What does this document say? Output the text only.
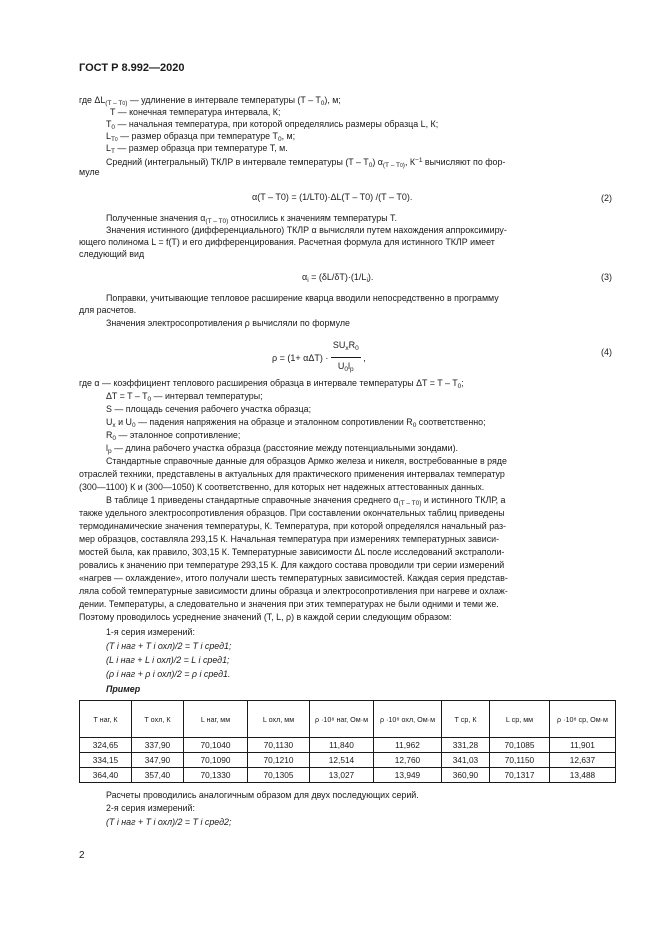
ГОСТ Р 8.992—2020
где $\Delta L_{(T - T0)}$ — удлинение в интервале температуры $(T - T_0)$, м;
T — конечная температура интервала, К;
$T_0$ — начальная температура, при которой определялись размеры образца L, К;
$L_{T0}$ — размер образца при температуре $T_0$, м;
$L_T$ — размер образца при температуре T, м.
Средний (интегральный) ТКЛР в интервале температуры $(T - T_0)$ $\alpha_{(T - T0)}$, $К^{-1}$ вычисляют по фор-
муле
α(T – T0) = (1/LT0)·ΔL(T – T0) /(T – T0).	(2)
Полученные значения $\alpha_{(T - T0)}$ относились к значениям температуры T.
Значения истинного (дифференциального) ТКЛР α вычисляли путем нахождения аппроксимиру-
ющего полинома L = f(T) и его дифференцирования. Расчетная формула для истинного ТКЛР имеет
следующий вид
$\alpha_i = (\delta L/\delta T)\cdot(1/L_i)$.	(3)
Поправки, учитывающие тепловое расширение кварца вводили непосредственно в программу
для расчетов.
Значения электросопротивления ρ вычисляли по формуле
$\rho = (1+ \alpha\Delta T) \cdot \frac{SU_xR_0}{U_0l_p}$ ,
(4)
где α — коэффициент теплового расширения образца в интервале температуры $\Delta T = T - T_0$;
$\Delta T = T - T_0$ — интервал температуры;
S — площадь сечения рабочего участка образца;
$U_x$ и $U_0$ — падения напряжения на образце и эталонном сопротивлении $R_0$ соответственно;
$R_0$ — эталонное сопротивление;
$l_p$ — длина рабочего участка образца (расстояние между потенциальными зондами).
Стандартные справочные данные для образцов Армко железа и никеля, востребованные в ряде
отраслей техники, представлены в актуальных для практического применения интервалах температур
(300—1100) К и (300—1050) К соответственно, для которых нет надежных аттестованных данных.
В таблице 1 приведены стандартные справочные значения среднего $\alpha_{(T - T0)}$ и истинного ТКЛР, а
также удельного электросопротивления образцов. При составлении окончательных таблиц приведены
термодинамические значения температуры, К. Температура, при которой определялся начальный раз-
мер образцов, составляла 293,15 К. Начальная температура при измерениях температурных зависи-
мостей была, как правило, 303,15 К. Температурные зависимости ΔL после исследований экстраполи-
ровались к значению при температуре 293,15 К. Для каждого состава проводили три серии измерений
«нагрев — охлаждение», итого получали шесть температурных зависимостей. Каждая серия представ-
ляла собой температурные зависимости длины образца и электросопротивления при нагреве и охлаж-
дении. Температуры, а следовательно и значения при этих температурах не были одними и теми же.
Поэтому проводилось усреднение значений (T, L, ρ) в каждой серии следующим образом:
1-я серия измерений:
(T i наг + T i охл)/2 = T i сред1;
(L i наг + L i охл)/2 = L i сред1;
(ρ i наг + ρ i охл)/2 = ρ i сред1.
Пример
T наг, К	T охл, К	L наг, мм	L охл, мм	ρ ·10⁸ наг, Ом·м	ρ ·10⁸ охл, Ом·м	T ср, К	L ср, мм	ρ ·10⁸ ср, Ом·м
324,65	337,90	70,1040	70,1130	11,840	11,962	331,28	70,1085	11,901
334,15	347,90	70,1090	70,1210	12,514	12,760	341,03	70,1150	12,637
364,40	357,40	70,1330	70,1305	13,027	13,949	360,90	70,1317	13,488
Расчеты проводились аналогичным образом для двух последующих серий.
2-я серия измерений:
(T i наг + T i охл)/2 = T i сред2;
2
